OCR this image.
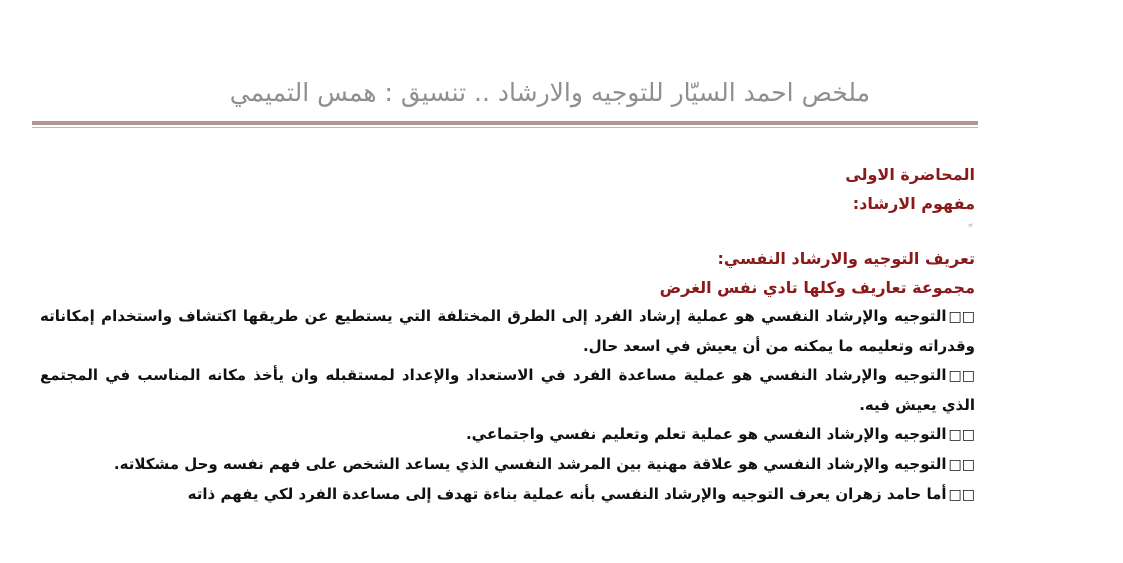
ملخص احمد السيّار للتوجيه والارشاد .. تنسيق : همس التميمي
المحاضرة الاولى
مفهوم الارشاد:
تعريف التوجيه والارشاد النفسي:
مجموعة تعاريف وكلها تادي نفس الغرض
□□التوجيه والإرشاد النفسي هو عملية إرشاد الفرد إلى الطرق المختلفة التي يستطيع عن طريقها اكتشاف واستخدام إمكاناته وقدراته وتعليمه ما يمكنه من أن يعيش في اسعد حال.
□□التوجيه والإرشاد النفسي هو عملية مساعدة الفرد في الاستعداد والإعداد لمستقبله وان يأخذ مكانه المناسب في المجتمع الذي يعيش فيه.
□□التوجيه والإرشاد النفسي هو عملية تعلم وتعليم نفسي واجتماعي.
□□التوجيه والإرشاد النفسي هو علاقة مهنية بين المرشد النفسي الذي يساعد الشخص على فهم نفسه وحل مشكلاته.
□□أما حامد زهران يعرف التوجيه والإرشاد النفسي بأنه عملية بناءة تهدف إلى مساعدة الفرد لكي يفهم ذاته
